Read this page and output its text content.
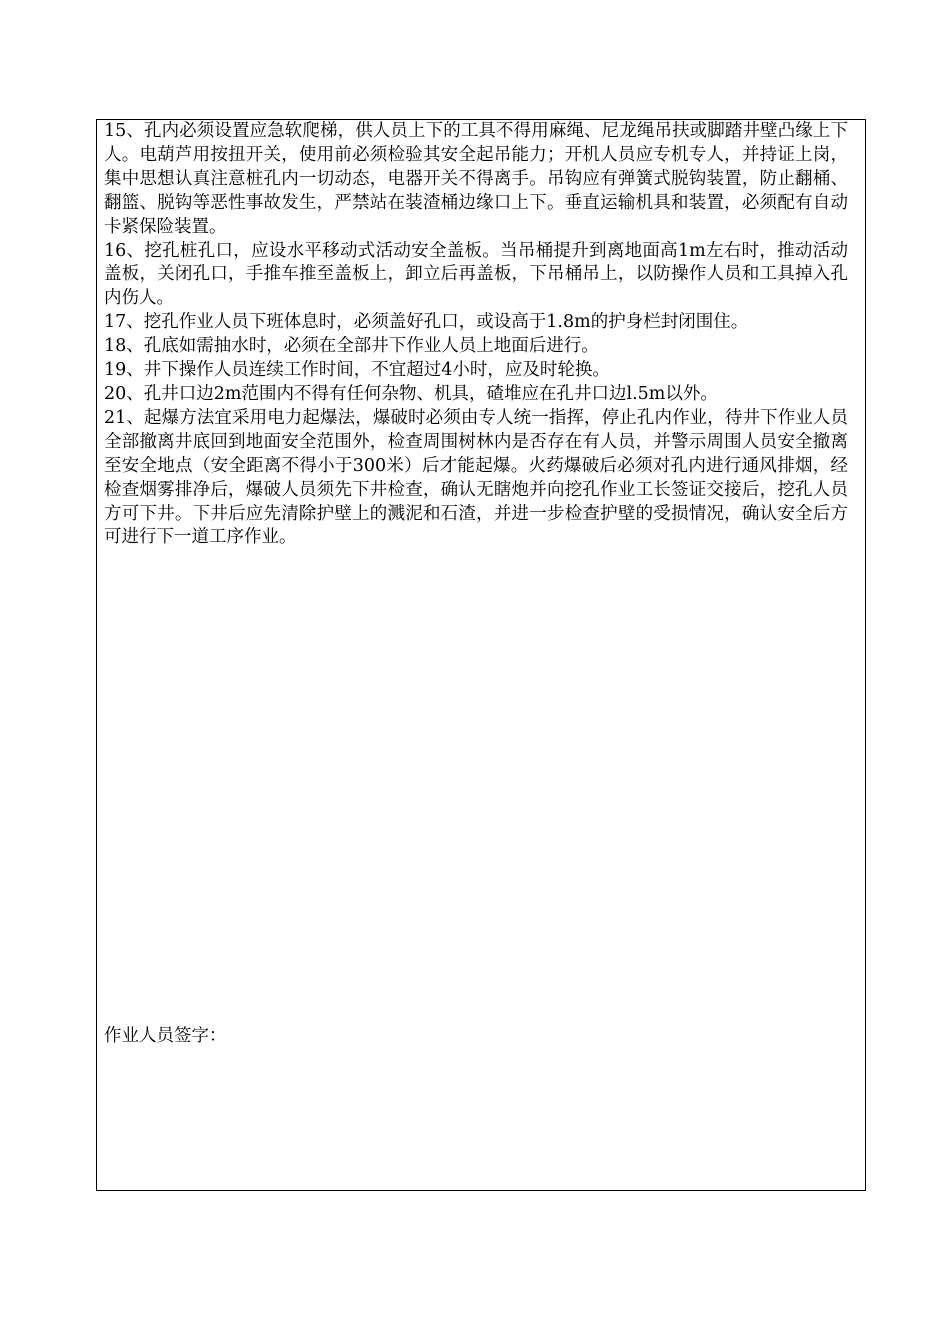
15、孔内必须设置应急软爬梯，供人员上下的工具不得用麻绳、尼龙绳吊扶或脚踏井壁凸缘上下人。电葫芦用按扭开关，使用前必须检验其安全起吊能力；开机人员应专机专人，并持证上岗，集中思想认真注意桩孔内一切动态，电器开关不得离手。吊钩应有弹簧式脱钩装置，防止翻桶、翻篮、脱钩等恶性事故发生，严禁站在装渣桶边缘口上下。垂直运输机具和装置，必须配有自动卡紧保险装置。

16、挖孔桩孔口，应设水平移动式活动安全盖板。当吊桶提升到离地面高1m左右时，推动活动盖板，关闭孔口，手推车推至盖板上，卸立后再盖板，下吊桶吊上，以防操作人员和工具掉入孔内伤人。

17、挖孔作业人员下班体息时，必须盖好孔口，或设高于1.8m的护身栏封闭围住。

18、孔底如需抽水时，必须在全部井下作业人员上地面后进行。

19、井下操作人员连续工作时间，不宜超过4小时，应及时轮换。

20、孔井口边2m范围内不得有任何杂物、机具，碴堆应在孔井口边l.5m以外。

21、起爆方法宜采用电力起爆法，爆破时必须由专人统一指挥，停止孔内作业，待井下作业人员全部撤离井底回到地面安全范围外，检查周围树林内是否存在有人员，并警示周围人员安全撤离至安全地点（安全距离不得小于300米）后才能起爆。火药爆破后必须对孔内进行通风排烟，经检查烟雾排净后，爆破人员须先下井检查，确认无瞎炮并向挖孔作业工长签证交接后，挖孔人员方可下井。下井后应先清除护壁上的溅泥和石渣，并进一步检查护壁的受损情况，确认安全后方可进行下一道工序作业。

作业人员签字：
